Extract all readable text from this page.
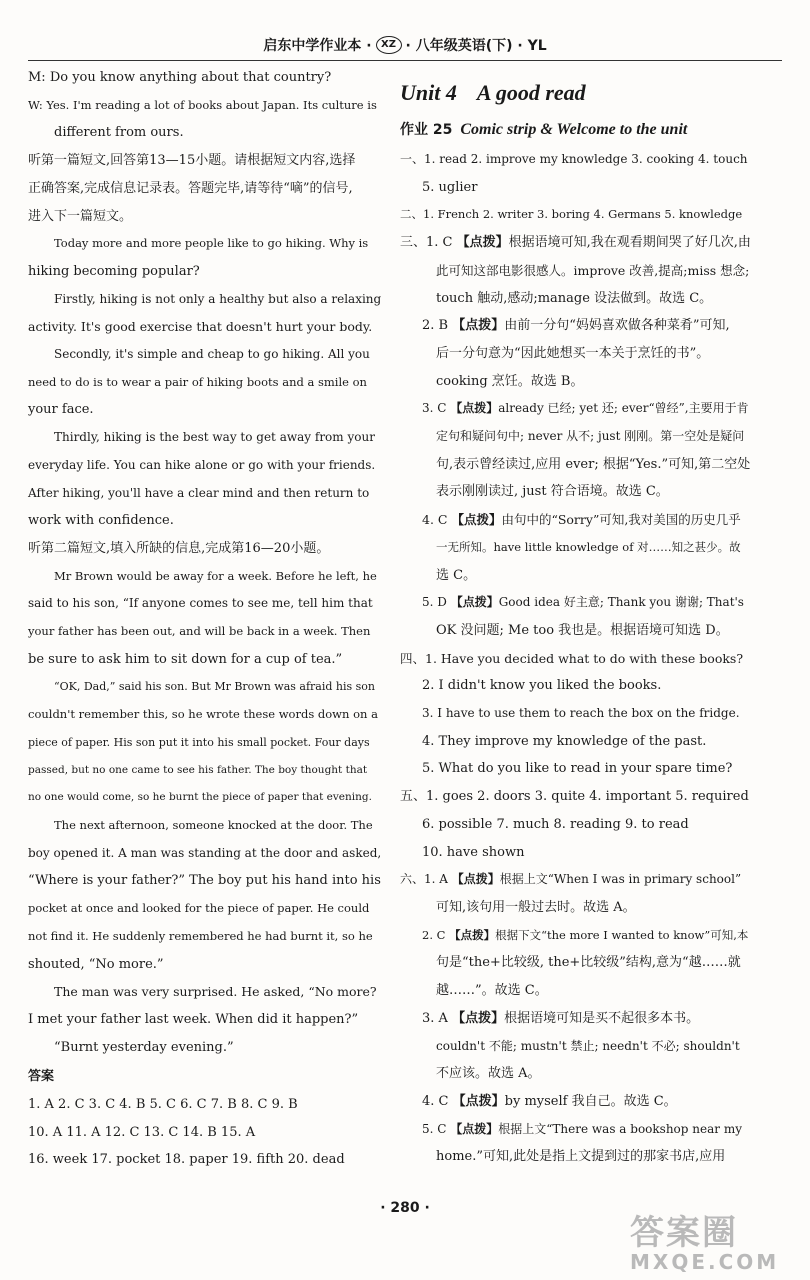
启东中学作业本 · XZ · 八年级英语(下) · YL
M: Do you know anything about that country?
W: Yes. I'm reading a lot of books about Japan. Its culture is
different from ours.
听第一篇短文,回答第13—15小题。请根据短文内容,选择
正确答案,完成信息记录表。答题完毕,请等待“嘀”的信号,
进入下一篇短文。
Today more and more people like to go hiking. Why is
hiking becoming popular?
Firstly, hiking is not only a healthy but also a relaxing
activity. It's good exercise that doesn't hurt your body.
Secondly, it's simple and cheap to go hiking. All you
need to do is to wear a pair of hiking boots and a smile on
your face.
Thirdly, hiking is the best way to get away from your
everyday life. You can hike alone or go with your friends.
After hiking, you'll have a clear mind and then return to
work with confidence.
听第二篇短文,填入所缺的信息,完成第16—20小题。
Mr Brown would be away for a week. Before he left, he
said to his son, “If anyone comes to see me, tell him that
your father has been out, and will be back in a week. Then
be sure to ask him to sit down for a cup of tea.”
“OK, Dad,” said his son. But Mr Brown was afraid his son
couldn't remember this, so he wrote these words down on a
piece of paper. His son put it into his small pocket. Four days
passed, but no one came to see his father. The boy thought that
no one would come, so he burnt the piece of paper that evening.
The next afternoon, someone knocked at the door. The
boy opened it. A man was standing at the door and asked,
“Where is your father?” The boy put his hand into his
pocket at once and looked for the piece of paper. He could
not find it. He suddenly remembered he had burnt it, so he
shouted, “No more.”
The man was very surprised. He asked, “No more?
I met your father last week. When did it happen?”
“Burnt yesterday evening.”
答案
1. A 2. C 3. C 4. B 5. C 6. C 7. B 8. C 9. B
10. A 11. A 12. C 13. C 14. B 15. A
16. week 17. pocket 18. paper 19. fifth 20. dead
Unit 4 A good read
作业 25 Comic strip & Welcome to the unit
一、1. read 2. improve my knowledge 3. cooking 4. touch
5. uglier
二、1. French 2. writer 3. boring 4. Germans 5. knowledge
三、1. C 【点拨】根据语境可知,我在观看期间哭了好几次,由
此可知这部电影很感人。improve 改善,提高;miss 想念;
touch 触动,感动;manage 设法做到。故选 C。
2. B 【点拨】由前一分句“妈妈喜欢做各种菜肴”可知,
后一分句意为“因此她想买一本关于烹饪的书”。
cooking 烹饪。故选 B。
3. C 【点拨】already 已经; yet 还; ever“曾经”,主要用于肯
定句和疑问句中; never 从不; just 刚刚。第一空处是疑问
句,表示曾经读过,应用 ever; 根据“Yes.”可知,第二空处
表示刚刚读过, just 符合语境。故选 C。
4. C 【点拨】由句中的“Sorry”可知,我对美国的历史几乎
一无所知。have little knowledge of 对……知之甚少。故
选 C。
5. D 【点拨】Good idea 好主意; Thank you 谢谢; That's
OK 没问题; Me too 我也是。根据语境可知选 D。
四、1. Have you decided what to do with these books?
2. I didn't know you liked the books.
3. I have to use them to reach the box on the fridge.
4. They improve my knowledge of the past.
5. What do you like to read in your spare time?
五、1. goes 2. doors 3. quite 4. important 5. required
6. possible 7. much 8. reading 9. to read
10. have shown
六、1. A 【点拨】根据上文“When I was in primary school”
可知,该句用一般过去时。故选 A。
2. C 【点拨】根据下文“the more I wanted to know”可知,本
句是“the+比较级, the+比较级”结构,意为“越……就
越……”。故选 C。
3. A 【点拨】根据语境可知是买不起很多本书。
couldn't 不能; mustn't 禁止; needn't 不必; shouldn't
不应该。故选 A。
4. C 【点拨】by myself 我自己。故选 C。
5. C 【点拨】根据上文“There was a bookshop near my
home.”可知,此处是指上文提到过的那家书店,应用
· 280 ·
答案圈
MXQE.COM
